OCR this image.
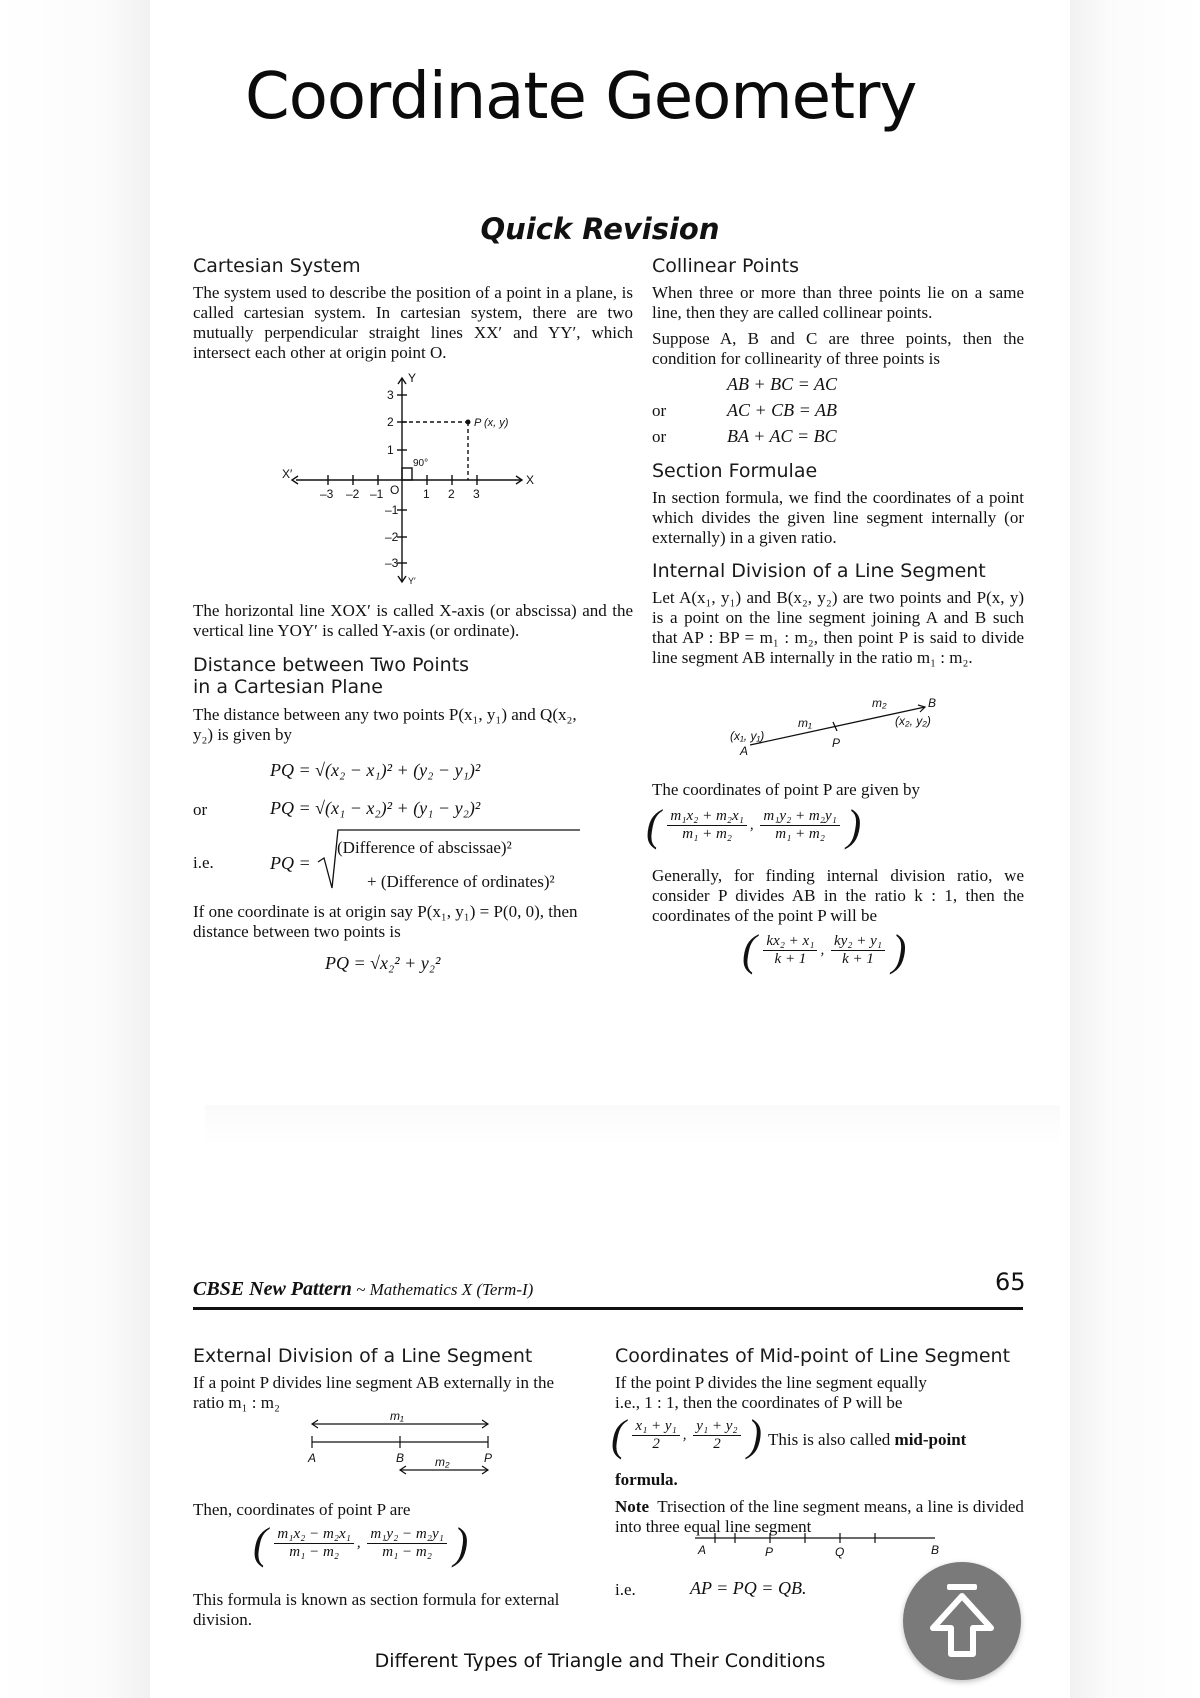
Coordinate Geometry
Quick Revision
Cartesian System
The system used to describe the position of a point in a plane, is called cartesian system. In cartesian system, there are two mutually perpendicular straight lines XX′ and YY′, which intersect each other at origin point O.
–3 –2 –1	1 2 3
3
2
1
–1
–2
–3
O
X
X′
Y
Y′
P (x, y)
90°
The horizontal line XOX′ is called X-axis (or abscissa) and the vertical line YOY′ is called Y-axis (or ordinate).
Distance between Two Points
in a Cartesian Plane
The distance between any two points P(x₁, y₁) and Q(x₂, y₂) is given by
PQ = √(x₂ − x₁)² + (y₂ − y₁)²
or	PQ = √(x₁ − x₂)² + (y₁ − y₂)²
i.e.	PQ =
(Difference of abscissae)²
+ (Difference of ordinates)²
If one coordinate is at origin say P(x₁, y₁) = P(0, 0), then distance between two points is
PQ = √x₂² + y₂²
Collinear Points
When three or more than three points lie on a same line, then they are called collinear points.
Suppose A, B and C are three points, then the condition for collinearity of three points is
AB + BC = AC
or	AC + CB = AB
or	BA + AC = BC
Section Formulae
In section formula, we find the coordinates of a point which divides the given line segment internally (or externally) in a given ratio.
Internal Division of a Line Segment
Let A(x₁, y₁) and B(x₂, y₂) are two points and P(x, y) is a point on the line segment joining A and B such that AP : BP = m₁ : m₂, then point P is said to divide line segment AB internally in the ratio m₁ : m₂.
(x₁, y₁)
A
m₁
P
m₂	B
(x₂, y₂)
The coordinates of point P are given by
( $\frac{\text{m₁x₂ + m₂x₁}}{\text{m₁ + m₂}}$ , $\frac{\text{m₁y₂ + m₂y₁}}{\text{m₁ + m₂}}$ )
Generally, for finding internal division ratio, we consider P divides AB in the ratio k : 1, then the coordinates of the point P will be
( $\frac{\text{kx₂ + x₁}}{k + 1}$ , $\frac{\text{ky₂ + y₁}}{k + 1}$ )
CBSE New Pattern ~ Mathematics X (Term-I)	65
External Division of a Line Segment
If a point P divides line segment AB externally in the ratio m₁ : m₂
m₁
A	B	P
m₂
Then, coordinates of point P are
( $\frac{\text{m₁x₂ − m₂x₁}}{\text{m₁ − m₂}}$ , $\frac{\text{m₁y₂ − m₂y₁}}{\text{m₁ − m₂}}$ )
This formula is known as section formula for external division.
Coordinates of Mid-point of Line Segment
If the point P divides the line segment equally i.e., 1 : 1, then the coordinates of P will be
( $\frac{\text{x₁ + y₁}}{2}$ , $\frac{\text{y₁ + y₂}}{2}$ ) This is also called mid-point
formula.
Note Trisection of the line segment means, a line is divided into three equal line segment
A	P	Q	B
i.e.	AP = PQ = QB.
Different Types of Triangle and Their Conditions
